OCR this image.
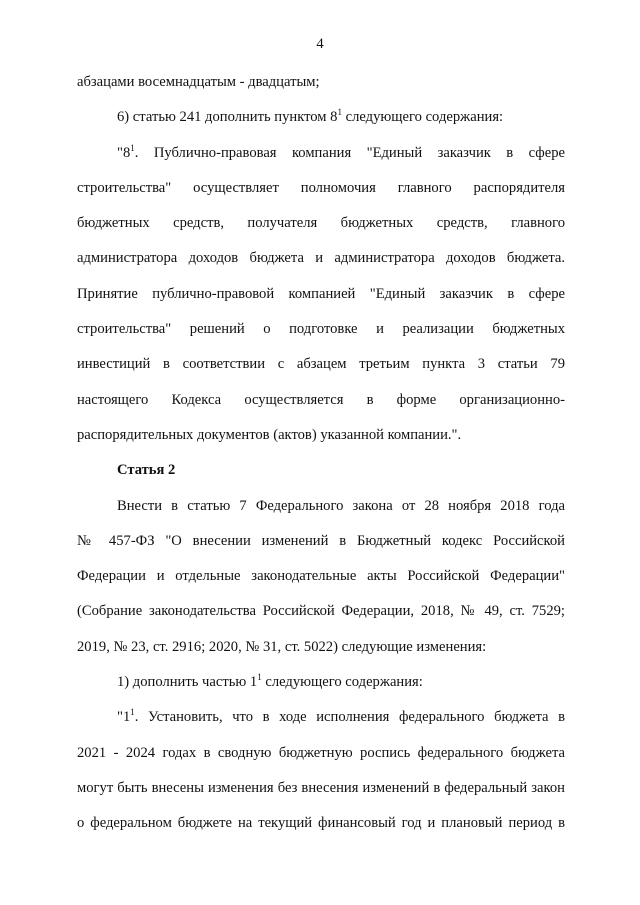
4
абзацами восемнадцатым - двадцатым;
6) статью 241 дополнить пунктом $8^1$ следующего содержания:
"$8^1$. Публично-правовая компания "Единый заказчик в сфере
строительства" осуществляет полномочия главного распорядителя
бюджетных средств, получателя бюджетных средств, главного
администратора доходов бюджета и администратора доходов бюджета.
Принятие публично-правовой компанией "Единый заказчик в сфере
строительства" решений о подготовке и реализации бюджетных
инвестиций в соответствии с абзацем третьим пункта 3 статьи 79
настоящего Кодекса осуществляется в форме организационно-
распорядительных документов (актов) указанной компании.".
Статья 2
Внести в статью 7 Федерального закона от 28 ноября 2018 года
№ 457-ФЗ "О внесении изменений в Бюджетный кодекс Российской
Федерации и отдельные законодательные акты Российской Федерации"
(Собрание законодательства Российской Федерации, 2018, № 49, ст. 7529;
2019, № 23, ст. 2916; 2020, № 31, ст. 5022) следующие изменения:
1) дополнить частью $1^1$ следующего содержания:
"$1^1$. Установить, что в ходе исполнения федерального бюджета в
2021 - 2024 годах в сводную бюджетную роспись федерального бюджета
могут быть внесены изменения без внесения изменений в федеральный закон
о федеральном бюджете на текущий финансовый год и плановый период в
